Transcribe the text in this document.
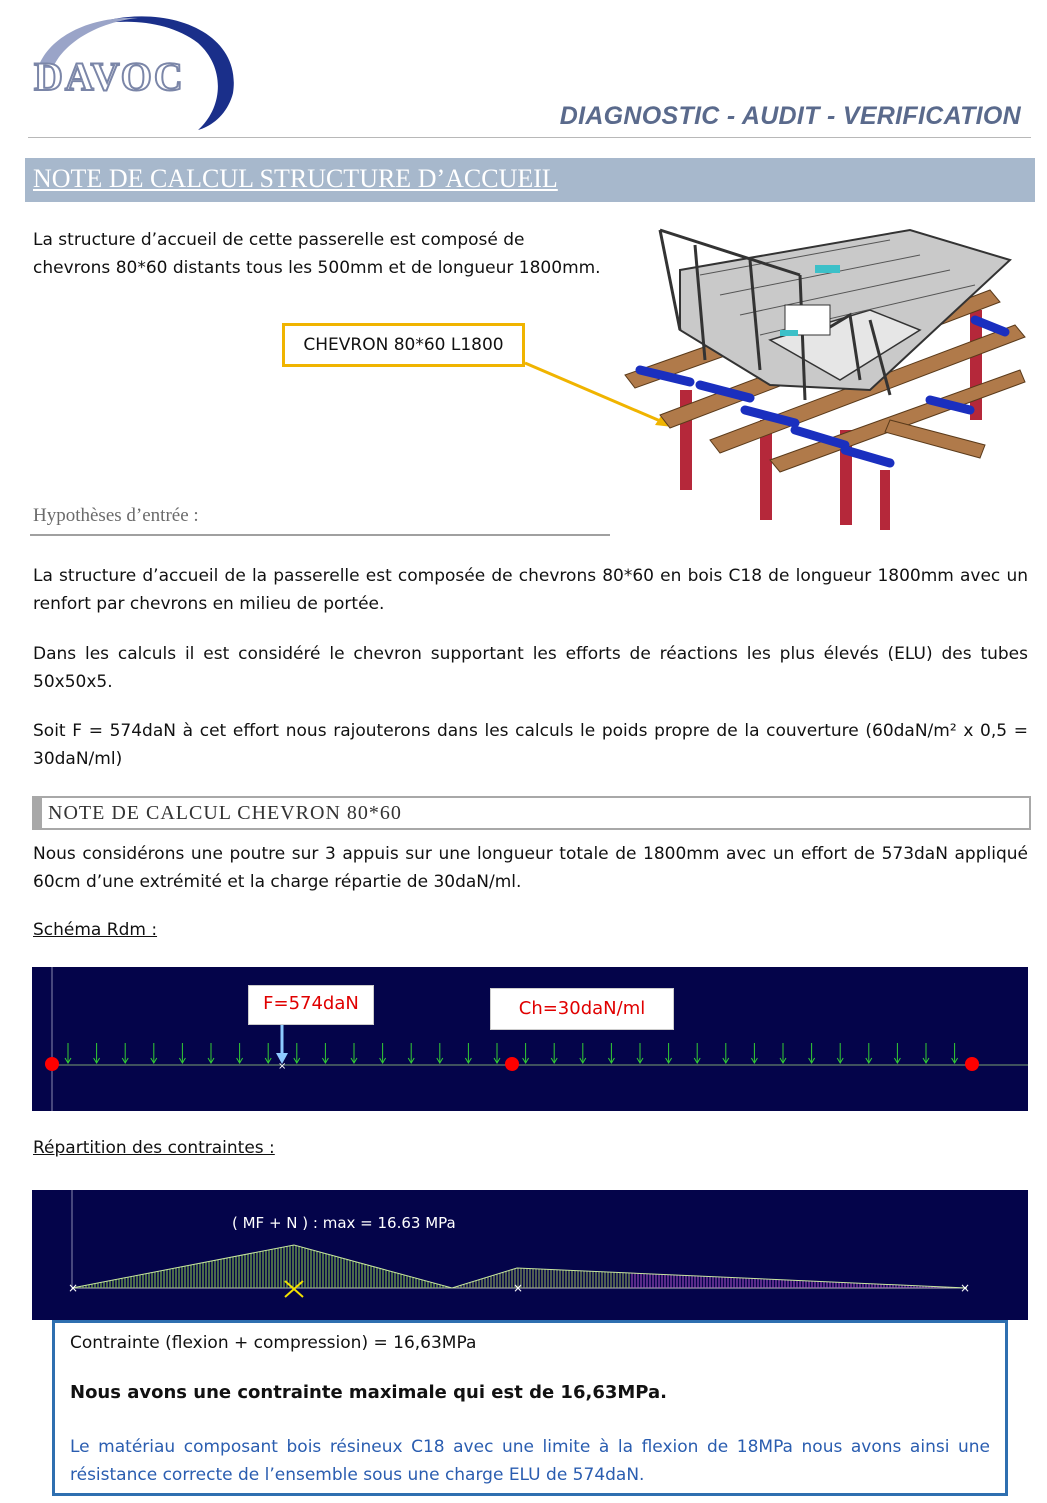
DAVOC
DIAGNOSTIC - AUDIT - VERIFICATION
NOTE DE CALCUL STRUCTURE D’ACCUEIL
La structure d’accueil de cette passerelle est composé de
chevrons 80*60 distants tous les 500mm et de longueur 1800mm.
CHEVRON 80*60 L1800
Hypothèses d’entrée :
La structure d’accueil de la passerelle est composée de chevrons 80*60 en bois C18 de longueur 1800mm avec un renfort par chevrons en milieu de portée.
Dans les calculs il est considéré le chevron supportant les efforts de réactions les plus élevés (ELU) des tubes 50x50x5.
Soit F = 574daN à cet effort nous rajouterons dans les calculs le poids propre de la couverture (60daN/m² x 0,5 = 30daN/ml)
NOTE DE CALCUL CHEVRON 80*60
Nous considérons une poutre sur 3 appuis sur une longueur totale de 1800mm avec un effort de 573daN appliqué 60cm d’une extrémité et la charge répartie de 30daN/ml.
Schéma Rdm :
×
F=574daN	Ch=30daN/ml
Répartition des contraintes :
×	×	×
( MF + N ) : max = 16.63 MPa
Contrainte (flexion + compression) = 16,63MPa
Nous avons une contrainte maximale qui est de 16,63MPa.
Le matériau composant bois résineux C18 avec une limite à la flexion de 18MPa nous avons ainsi une résistance correcte de l’ensemble sous une charge ELU de 574daN.
